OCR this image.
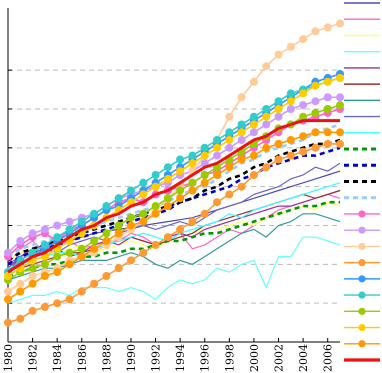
1980 1982 1984 1986 1988 1990 1992 1994 1996 1998 2000 2002 2004 2006
